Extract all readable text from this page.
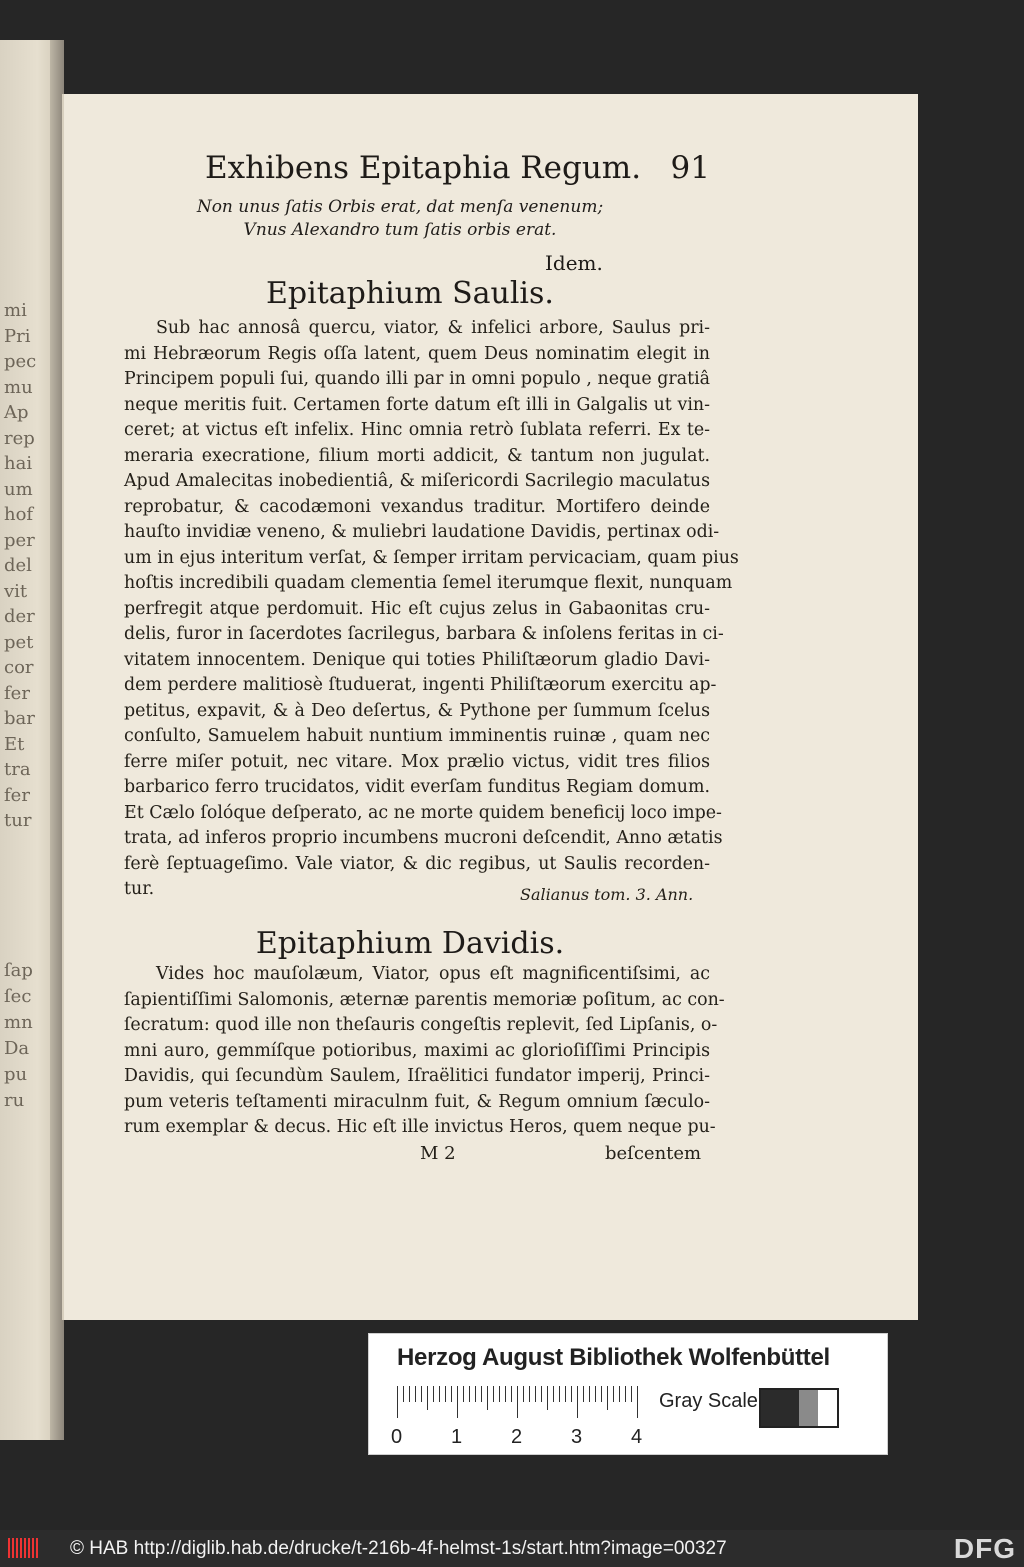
mi
Pri
pec
mu
Ap
rep
hai
um
hof
per
del
vit
der
pet
cor
fer
bar
Et
tra
fer
tur
ſap
ſec
mn
Da
pu
ru
Exhibens Epitaphia Regum. 91
Non unus ſatis Orbis erat, dat menſa venenum;
Vnus Alexandro tum ſatis orbis erat.
Idem.
Epitaphium Saulis.
Sub hac annosâ quercu, viator, & infelici arbore, Saulus pri-
mi Hebræorum Regis oſſa latent, quem Deus nominatim elegit in
Principem populi ſui, quando illi par in omni populo , neque gratiâ
neque meritis fuit. Certamen forte datum eſt illi in Galgalis ut vin-
ceret; at victus eſt infelix. Hinc omnia retrò ſublata referri. Ex te-
meraria execratione, filium morti addicit, & tantum non jugulat.
Apud Amalecitas inobedientiâ, & miſericordi Sacrilegio maculatus
reprobatur, & cacodæmoni vexandus traditur. Mortifero deinde
hauſto invidiæ veneno, & muliebri laudatione Davidis, pertinax odi-
um in ejus interitum verſat, & ſemper irritam pervicaciam, quam pius
hoſtis incredibili quadam clementia ſemel iterumque flexit, nunquam
perfregit atque perdomuit. Hic eſt cujus zelus in Gabaonitas cru-
delis, furor in ſacerdotes ſacrilegus, barbara & inſolens feritas in ci-
vitatem innocentem. Denique qui toties Philiſtæorum gladio Davi-
dem perdere malitiosè ſtuduerat, ingenti Philiſtæorum exercitu ap-
petitus, expavit, & à Deo deſertus, & Pythone per ſummum ſcelus
conſulto, Samuelem habuit nuntium imminentis ruinæ , quam nec
ferre miſer potuit, nec vitare. Mox prælio victus, vidit tres filios
barbarico ferro trucidatos, vidit everſam funditus Regiam domum.
Et Cælo ſolóque deſperato, ac ne morte quidem beneficij loco impe-
trata, ad inferos proprio incumbens mucroni deſcendit, Anno ætatis
ferè ſeptuageſimo. Vale viator, & dic regibus, ut Saulis recorden-
tur.	Salianus tom. 3. Ann.
Epitaphium Davidis.
Vides hoc mauſolæum, Viator, opus eſt magnificentiſsimi, ac
ſapientiſſimi Salomonis, æternæ parentis memoriæ poſitum, ac con-
ſecratum: quod ille non theſauris congeſtis replevit, ſed Lipſanis, o-
mni auro, gemmíſque potioribus, maximi ac glorioſiſſimi Principis
Davidis, qui ſecundùm Saulem, Iſraëlitici fundator imperij, Princi-
pum veteris teſtamenti miraculnm fuit, & Regum omnium ſæculo-
rum exemplar & decus. Hic eſt ille invictus Heros, quem neque pu-
M 2	beſcentem
Herzog August Bibliothek Wolfenbüttel
Gray Scale
0 1 2 3 4
© HAB http://diglib.hab.de/drucke/t-216b-4f-helmst-1s/start.htm?image=00327	DFG
